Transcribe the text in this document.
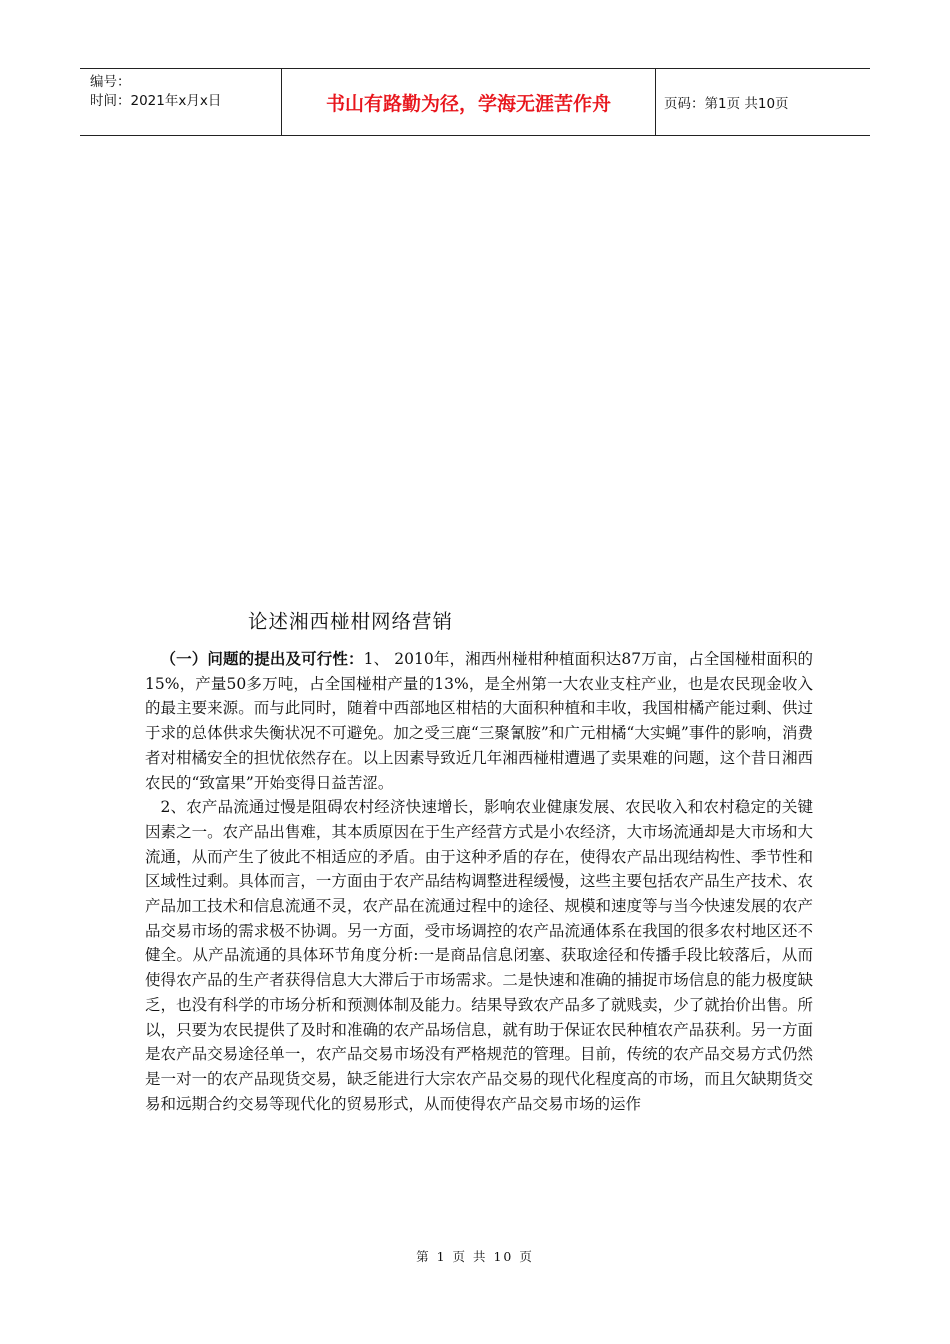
编号：
时间：2021年x月x日	书山有路勤为径，学海无涯苦作舟	页码：第1页 共10页
论述湘西椪柑网络营销

（一）问题的提出及可行性：1、 2010年，湘西州椪柑种植面积达87万亩，占全国椪柑面积的15%，产量50多万吨，占全国椪柑产量的13%，是全州第一大农业支柱产业，也是农民现金收入的最主要来源。而与此同时，随着中西部地区柑桔的大面积种植和丰收，我国柑橘产能过剩、供过于求的总体供求失衡状况不可避免。加之受三鹿“三聚氰胺”和广元柑橘“大实蝇”事件的影响，消费者对柑橘安全的担忧依然存在。以上因素导致近几年湘西椪柑遭遇了卖果难的问题，这个昔日湘西农民的“致富果”开始变得日益苦涩。

2、农产品流通过慢是阻碍农村经济快速增长，影响农业健康发展、农民收入和农村稳定的关键因素之一。农产品出售难，其本质原因在于生产经营方式是小农经济，大市场流通却是大市场和大流通，从而产生了彼此不相适应的矛盾。由于这种矛盾的存在，使得农产品出现结构性、季节性和区域性过剩。具体而言，一方面由于农产品结构调整进程缓慢，这些主要包括农产品生产技术、农产品加工技术和信息流通不灵，农产品在流通过程中的途径、规模和速度等与当今快速发展的农产品交易市场的需求极不协调。另一方面，受市场调控的农产品流通体系在我国的很多农村地区还不健全。从产品流通的具体环节角度分析:一是商品信息闭塞、获取途径和传播手段比较落后，从而使得农产品的生产者获得信息大大滞后于市场需求。二是快速和准确的捕捉市场信息的能力极度缺乏，也没有科学的市场分析和预测体制及能力。结果导致农产品多了就贱卖，少了就抬价出售。所以，只要为农民提供了及时和准确的农产品场信息，就有助于保证农民种植农产品获利。另一方面是农产品交易途径单一，农产品交易市场没有严格规范的管理。目前，传统的农产品交易方式仍然是一对一的农产品现货交易，缺乏能进行大宗农产品交易的现代化程度高的市场，而且欠缺期货交易和远期合约交易等现代化的贸易形式，从而使得农产品交易市场的运作

第 1 页 共 10 页
